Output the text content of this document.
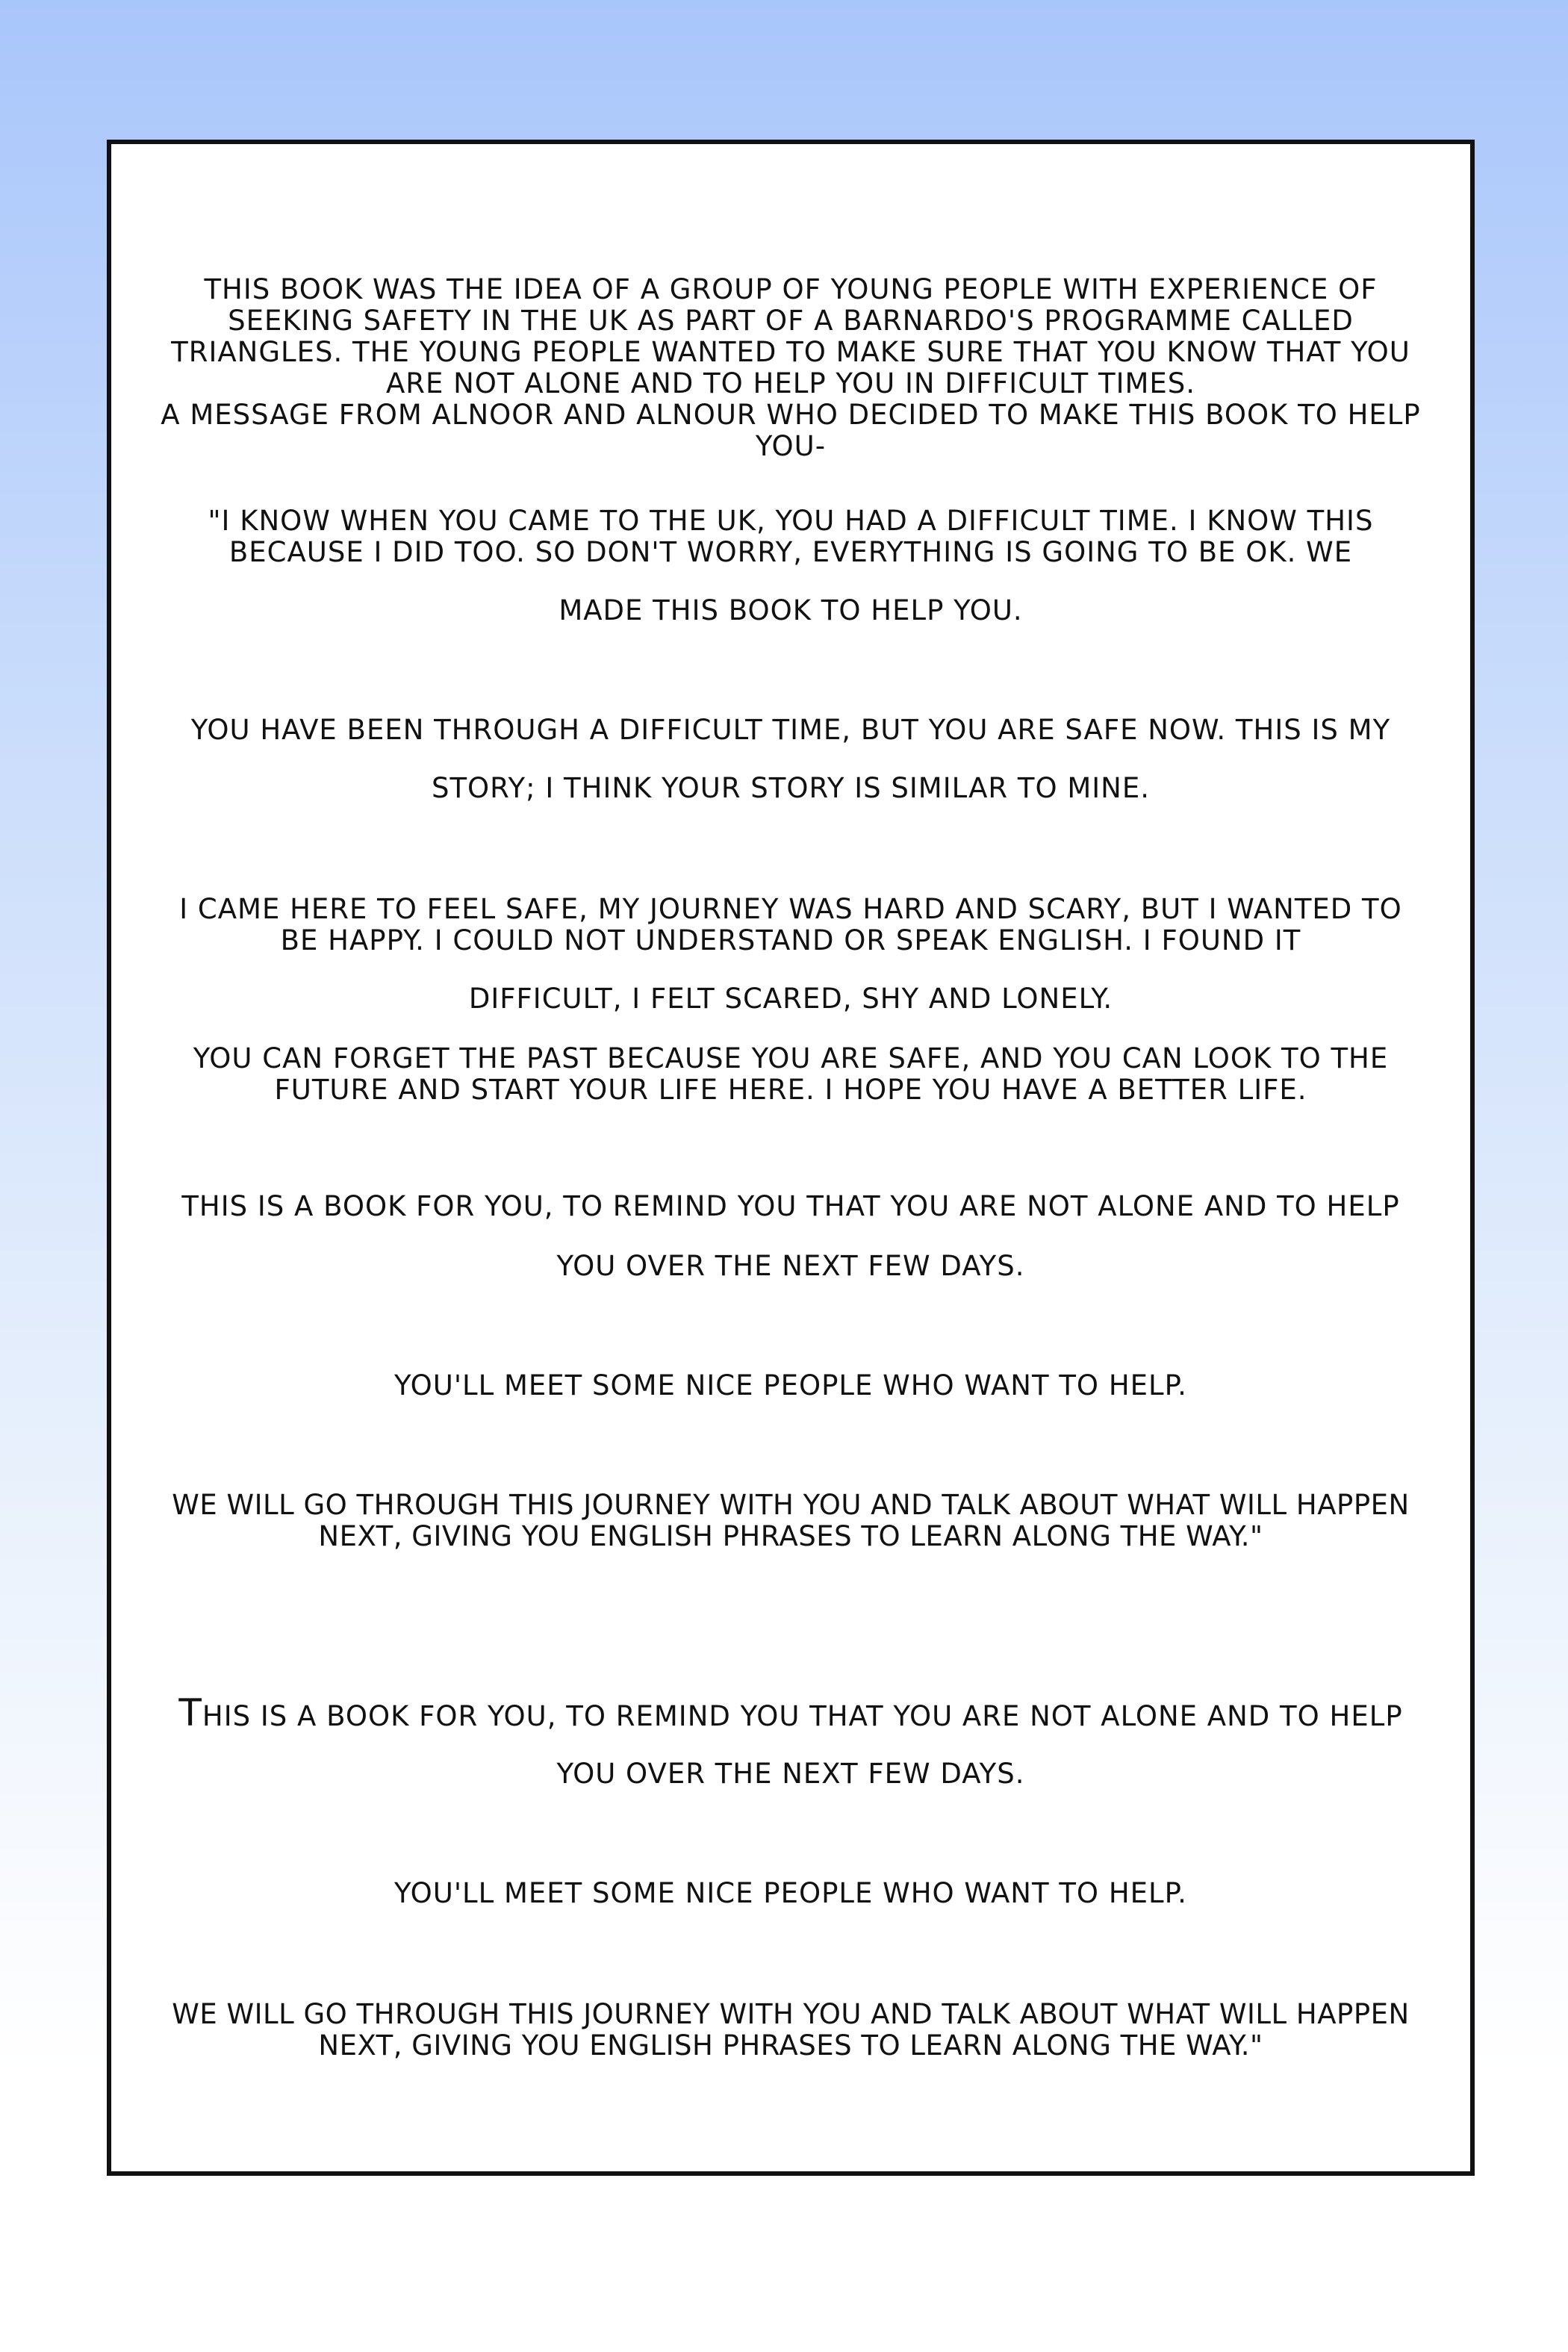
THIS BOOK WAS THE IDEA OF A GROUP OF YOUNG PEOPLE WITH EXPERIENCE OF
SEEKING SAFETY IN THE UK AS PART OF A BARNARDO'S PROGRAMME CALLED
TRIANGLES. THE YOUNG PEOPLE WANTED TO MAKE SURE THAT YOU KNOW THAT YOU
ARE NOT ALONE AND TO HELP YOU IN DIFFICULT TIMES.
A MESSAGE FROM ALNOOR AND ALNOUR WHO DECIDED TO MAKE THIS BOOK TO HELP
YOU-
"I KNOW WHEN YOU CAME TO THE UK, YOU HAD A DIFFICULT TIME. I KNOW THIS
BECAUSE I DID TOO. SO DON'T WORRY, EVERYTHING IS GOING TO BE OK. WE
MADE THIS BOOK TO HELP YOU.
YOU HAVE BEEN THROUGH A DIFFICULT TIME, BUT YOU ARE SAFE NOW. THIS IS MY
STORY; I THINK YOUR STORY IS SIMILAR TO MINE.
I CAME HERE TO FEEL SAFE, MY JOURNEY WAS HARD AND SCARY, BUT I WANTED TO
BE HAPPY. I COULD NOT UNDERSTAND OR SPEAK ENGLISH. I FOUND IT
DIFFICULT, I FELT SCARED, SHY AND LONELY.
YOU CAN FORGET THE PAST BECAUSE YOU ARE SAFE, AND YOU CAN LOOK TO THE
FUTURE AND START YOUR LIFE HERE. I HOPE YOU HAVE A BETTER LIFE.
THIS IS A BOOK FOR YOU, TO REMIND YOU THAT YOU ARE NOT ALONE AND TO HELP
YOU OVER THE NEXT FEW DAYS.
YOU'LL MEET SOME NICE PEOPLE WHO WANT TO HELP.
WE WILL GO THROUGH THIS JOURNEY WITH YOU AND TALK ABOUT WHAT WILL HAPPEN
NEXT, GIVING YOU ENGLISH PHRASES TO LEARN ALONG THE WAY."
THIS IS A BOOK FOR YOU, TO REMIND YOU THAT YOU ARE NOT ALONE AND TO HELP
YOU OVER THE NEXT FEW DAYS.
YOU'LL MEET SOME NICE PEOPLE WHO WANT TO HELP.
WE WILL GO THROUGH THIS JOURNEY WITH YOU AND TALK ABOUT WHAT WILL HAPPEN
NEXT, GIVING YOU ENGLISH PHRASES TO LEARN ALONG THE WAY."
